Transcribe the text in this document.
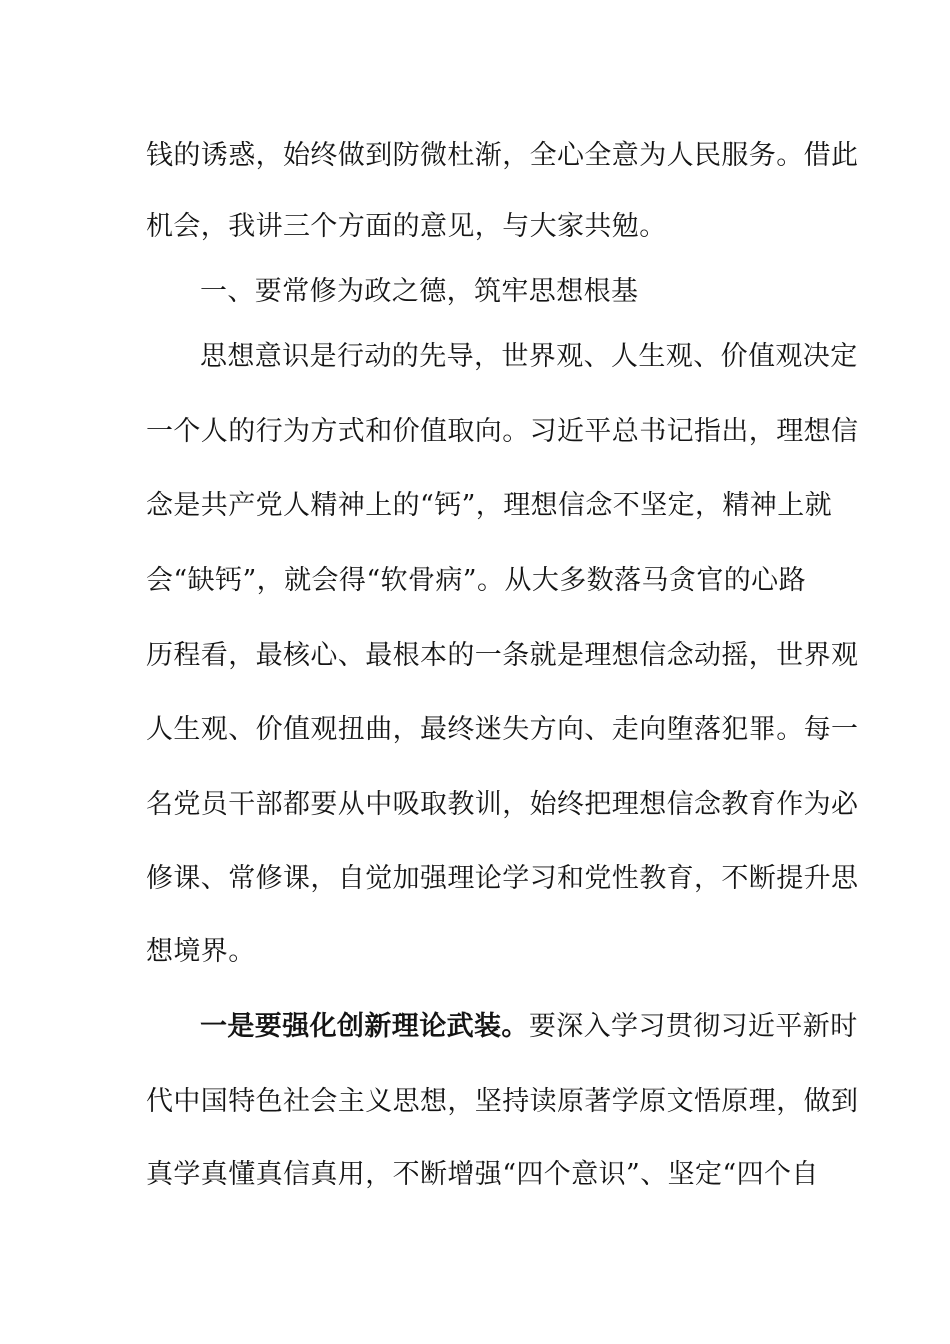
钱的诱惑，始终做到防微杜渐，全心全意为人民服务。借此
机会，我讲三个方面的意见，与大家共勉。
一、要常修为政之德，筑牢思想根基
思想意识是行动的先导，世界观、人生观、价值观决定
一个人的行为方式和价值取向。习近平总书记指出，理想信
念是共产党人精神上的“钙”，理想信念不坚定，精神上就
会“缺钙”，就会得“软骨病”。从大多数落马贪官的心路
历程看，最核心、最根本的一条就是理想信念动摇，世界观
人生观、价值观扭曲，最终迷失方向、走向堕落犯罪。每一
名党员干部都要从中吸取教训，始终把理想信念教育作为必
修课、常修课，自觉加强理论学习和党性教育，不断提升思
想境界。
一是要强化创新理论武装。要深入学习贯彻习近平新时
代中国特色社会主义思想，坚持读原著学原文悟原理，做到
真学真懂真信真用，不断增强“四个意识”、坚定“四个自
